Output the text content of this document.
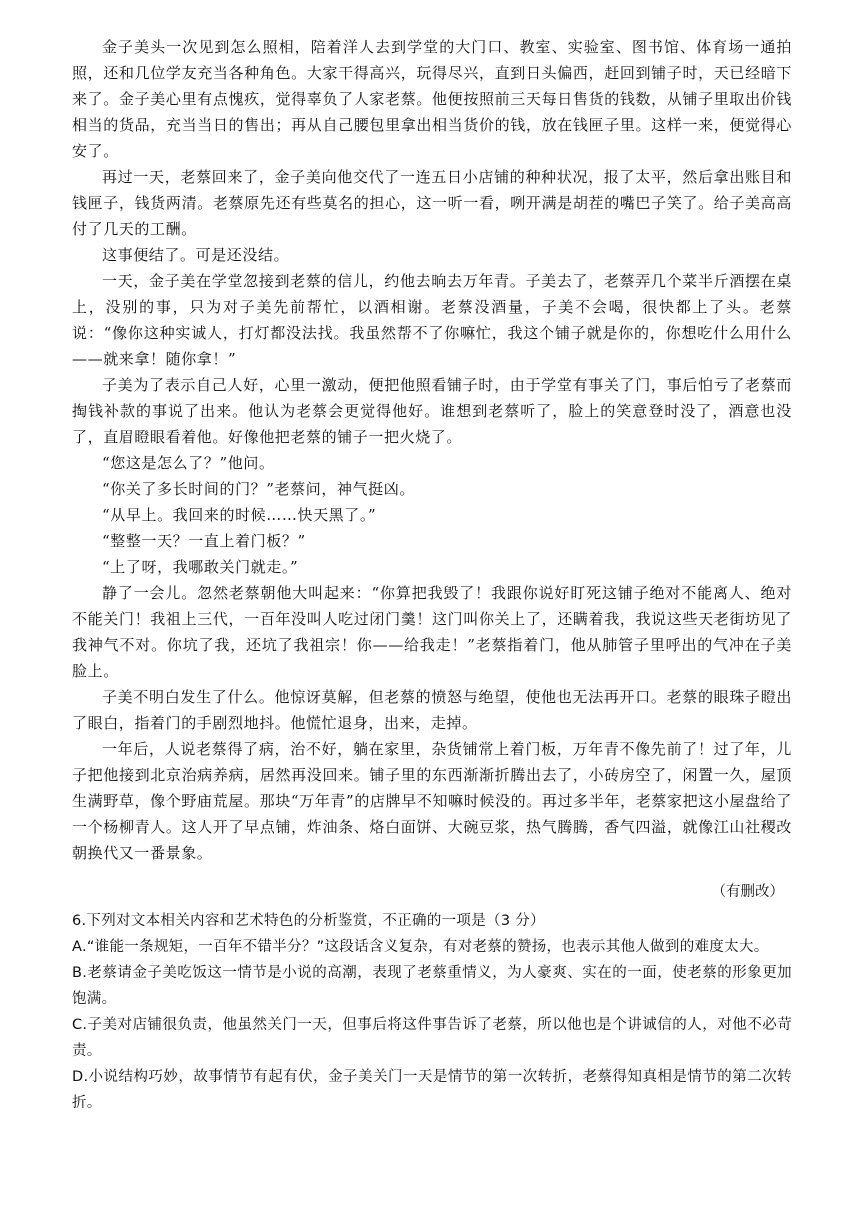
金子美头一次见到怎么照相，陪着洋人去到学堂的大门口、教室、实验室、图书馆、体育场一通拍照，还和几位学友充当各种角色。大家干得高兴，玩得尽兴，直到日头偏西，赶回到铺子时，天已经暗下来了。金子美心里有点愧疚，觉得辜负了人家老蔡。他便按照前三天每日售货的钱数，从铺子里取出价钱相当的货品，充当当日的售出；再从自己腰包里拿出相当货价的钱，放在钱匣子里。这样一来，便觉得心安了。

再过一天，老蔡回来了，金子美向他交代了一连五日小店铺的种种状况，报了太平，然后拿出账目和钱匣子，钱货两清。老蔡原先还有些莫名的担心，这一听一看，咧开满是胡茬的嘴巴子笑了。给子美高高付了几天的工酬。

这事便结了。可是还没结。

一天，金子美在学堂忽接到老蔡的信儿，约他去晌去万年青。子美去了，老蔡弄几个菜半斤酒摆在桌上，没别的事，只为对子美先前帮忙，以酒相谢。老蔡没酒量，子美不会喝，很快都上了头。老蔡说：“像你这种实诚人，打灯都没法找。我虽然帮不了你嘛忙，我这个铺子就是你的，你想吃什么用什么——就来拿！随你拿！”

子美为了表示自己人好，心里一激动，便把他照看铺子时，由于学堂有事关了门，事后怕亏了老蔡而掏钱补款的事说了出来。他认为老蔡会更觉得他好。谁想到老蔡听了，脸上的笑意登时没了，酒意也没了，直眉瞪眼看着他。好像他把老蔡的铺子一把火烧了。

“您这是怎么了？”他问。

“你关了多长时间的门？”老蔡问，神气挺凶。

“从早上。我回来的时候……快天黑了。”

“整整一天？一直上着门板？”

“上了呀，我哪敢关门就走。”

静了一会儿。忽然老蔡朝他大叫起来：“你算把我毁了！我跟你说好盯死这铺子绝对不能离人、绝对不能关门！我祖上三代，一百年没叫人吃过闭门羹！这门叫你关上了，还瞒着我，我说这些天老街坊见了我神气不对。你坑了我，还坑了我祖宗！你——给我走！”老蔡指着门，他从肺管子里呼出的气冲在子美脸上。

子美不明白发生了什么。他惊讶莫解，但老蔡的愤怒与绝望，使他也无法再开口。老蔡的眼珠子瞪出了眼白，指着门的手剧烈地抖。他慌忙退身，出来，走掉。

一年后，人说老蔡得了病，治不好，躺在家里，杂货铺常上着门板，万年青不像先前了！过了年，儿子把他接到北京治病养病，居然再没回来。铺子里的东西渐渐折腾出去了，小砖房空了，闲置一久，屋顶生满野草，像个野庙荒屋。那块“万年青”的店牌早不知嘛时候没的。再过多半年，老蔡家把这小屋盘给了一个杨柳青人。这人开了早点铺，炸油条、烙白面饼、大碗豆浆，热气腾腾，香气四溢，就像江山社稷改朝换代又一番景象。

（有删改）

6.下列对文本相关内容和艺术特色的分析鉴赏，不正确的一项是（3 分）

A.“谁能一条规矩，一百年不错半分？”这段话含义复杂，有对老蔡的赞扬，也表示其他人做到的难度太大。

B.老蔡请金子美吃饭这一情节是小说的高潮，表现了老蔡重情义，为人豪爽、实在的一面，使老蔡的形象更加饱满。

C.子美对店铺很负责，他虽然关门一天，但事后将这件事告诉了老蔡，所以他也是个讲诚信的人，对他不必苛责。

D.小说结构巧妙，故事情节有起有伏，金子美关门一天是情节的第一次转折，老蔡得知真相是情节的第二次转折。
